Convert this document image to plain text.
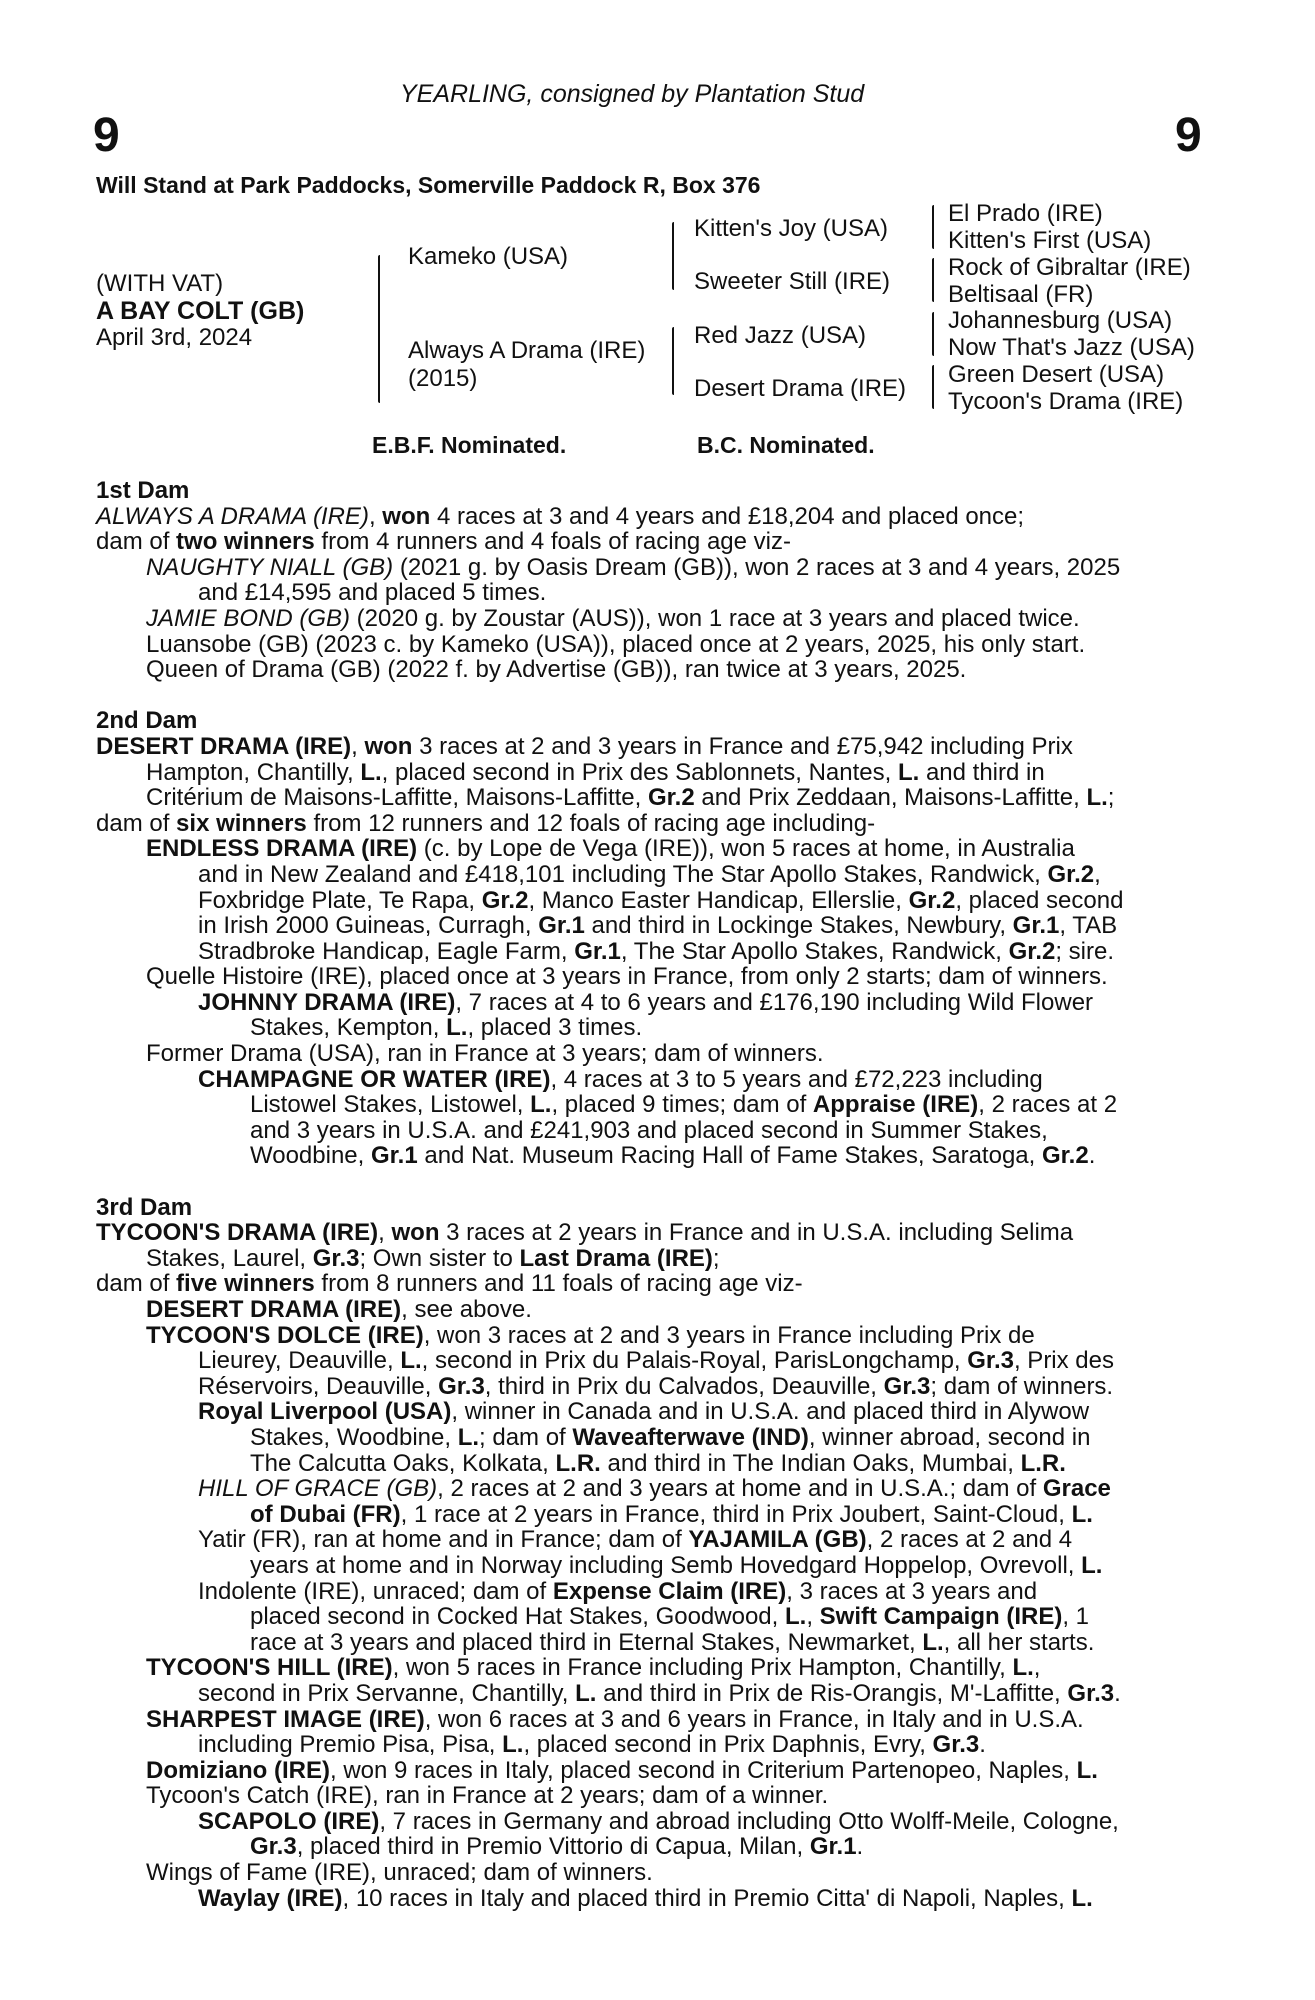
YEARLING, consigned by Plantation Stud
9	9
Will Stand at Park Paddocks, Somerville Paddock R, Box 376
(WITH VAT)
A BAY COLT (GB)
April 3rd, 2024
Kameko (USA)
Always A Drama (IRE)
(2015)
Kitten's Joy (USA)
Sweeter Still (IRE)
Red Jazz (USA)
Desert Drama (IRE)
El Prado (IRE)
Kitten's First (USA)
Rock of Gibraltar (IRE)
Beltisaal (FR)
Johannesburg (USA)
Now That's Jazz (USA)
Green Desert (USA)
Tycoon's Drama (IRE)
E.B.F. Nominated.	B.C. Nominated.
1st Dam
ALWAYS A DRAMA (IRE), won 4 races at 3 and 4 years and £18,204 and placed once;
dam of two winners from 4 runners and 4 foals of racing age viz-
NAUGHTY NIALL (GB) (2021 g. by Oasis Dream (GB)), won 2 races at 3 and 4 years, 2025
and £14,595 and placed 5 times.
JAMIE BOND (GB) (2020 g. by Zoustar (AUS)), won 1 race at 3 years and placed twice.
Luansobe (GB) (2023 c. by Kameko (USA)), placed once at 2 years, 2025, his only start.
Queen of Drama (GB) (2022 f. by Advertise (GB)), ran twice at 3 years, 2025.
2nd Dam
DESERT DRAMA (IRE), won 3 races at 2 and 3 years in France and £75,942 including Prix
Hampton, Chantilly, L., placed second in Prix des Sablonnets, Nantes, L. and third in
Critérium de Maisons-Laffitte, Maisons-Laffitte, Gr.2 and Prix Zeddaan, Maisons-Laffitte, L.;
dam of six winners from 12 runners and 12 foals of racing age including-
ENDLESS DRAMA (IRE) (c. by Lope de Vega (IRE)), won 5 races at home, in Australia
and in New Zealand and £418,101 including The Star Apollo Stakes, Randwick, Gr.2,
Foxbridge Plate, Te Rapa, Gr.2, Manco Easter Handicap, Ellerslie, Gr.2, placed second
in Irish 2000 Guineas, Curragh, Gr.1 and third in Lockinge Stakes, Newbury, Gr.1, TAB
Stradbroke Handicap, Eagle Farm, Gr.1, The Star Apollo Stakes, Randwick, Gr.2; sire.
Quelle Histoire (IRE), placed once at 3 years in France, from only 2 starts; dam of winners.
JOHNNY DRAMA (IRE), 7 races at 4 to 6 years and £176,190 including Wild Flower
Stakes, Kempton, L., placed 3 times.
Former Drama (USA), ran in France at 3 years; dam of winners.
CHAMPAGNE OR WATER (IRE), 4 races at 3 to 5 years and £72,223 including
Listowel Stakes, Listowel, L., placed 9 times; dam of Appraise (IRE), 2 races at 2
and 3 years in U.S.A. and £241,903 and placed second in Summer Stakes,
Woodbine, Gr.1 and Nat. Museum Racing Hall of Fame Stakes, Saratoga, Gr.2.
3rd Dam
TYCOON'S DRAMA (IRE), won 3 races at 2 years in France and in U.S.A. including Selima
Stakes, Laurel, Gr.3; Own sister to Last Drama (IRE);
dam of five winners from 8 runners and 11 foals of racing age viz-
DESERT DRAMA (IRE), see above.
TYCOON'S DOLCE (IRE), won 3 races at 2 and 3 years in France including Prix de
Lieurey, Deauville, L., second in Prix du Palais-Royal, ParisLongchamp, Gr.3, Prix des
Réservoirs, Deauville, Gr.3, third in Prix du Calvados, Deauville, Gr.3; dam of winners.
Royal Liverpool (USA), winner in Canada and in U.S.A. and placed third in Alywow
Stakes, Woodbine, L.; dam of Waveafterwave (IND), winner abroad, second in
The Calcutta Oaks, Kolkata, L.R. and third in The Indian Oaks, Mumbai, L.R.
HILL OF GRACE (GB), 2 races at 2 and 3 years at home and in U.S.A.; dam of Grace
of Dubai (FR), 1 race at 2 years in France, third in Prix Joubert, Saint-Cloud, L.
Yatir (FR), ran at home and in France; dam of YAJAMILA (GB), 2 races at 2 and 4
years at home and in Norway including Semb Hovedgard Hoppelop, Ovrevoll, L.
Indolente (IRE), unraced; dam of Expense Claim (IRE), 3 races at 3 years and
placed second in Cocked Hat Stakes, Goodwood, L., Swift Campaign (IRE), 1
race at 3 years and placed third in Eternal Stakes, Newmarket, L., all her starts.
TYCOON'S HILL (IRE), won 5 races in France including Prix Hampton, Chantilly, L.,
second in Prix Servanne, Chantilly, L. and third in Prix de Ris-Orangis, M'-Laffitte, Gr.3.
SHARPEST IMAGE (IRE), won 6 races at 3 and 6 years in France, in Italy and in U.S.A.
including Premio Pisa, Pisa, L., placed second in Prix Daphnis, Evry, Gr.3.
Domiziano (IRE), won 9 races in Italy, placed second in Criterium Partenopeo, Naples, L.
Tycoon's Catch (IRE), ran in France at 2 years; dam of a winner.
SCAPOLO (IRE), 7 races in Germany and abroad including Otto Wolff-Meile, Cologne,
Gr.3, placed third in Premio Vittorio di Capua, Milan, Gr.1.
Wings of Fame (IRE), unraced; dam of winners.
Waylay (IRE), 10 races in Italy and placed third in Premio Citta' di Napoli, Naples, L.
